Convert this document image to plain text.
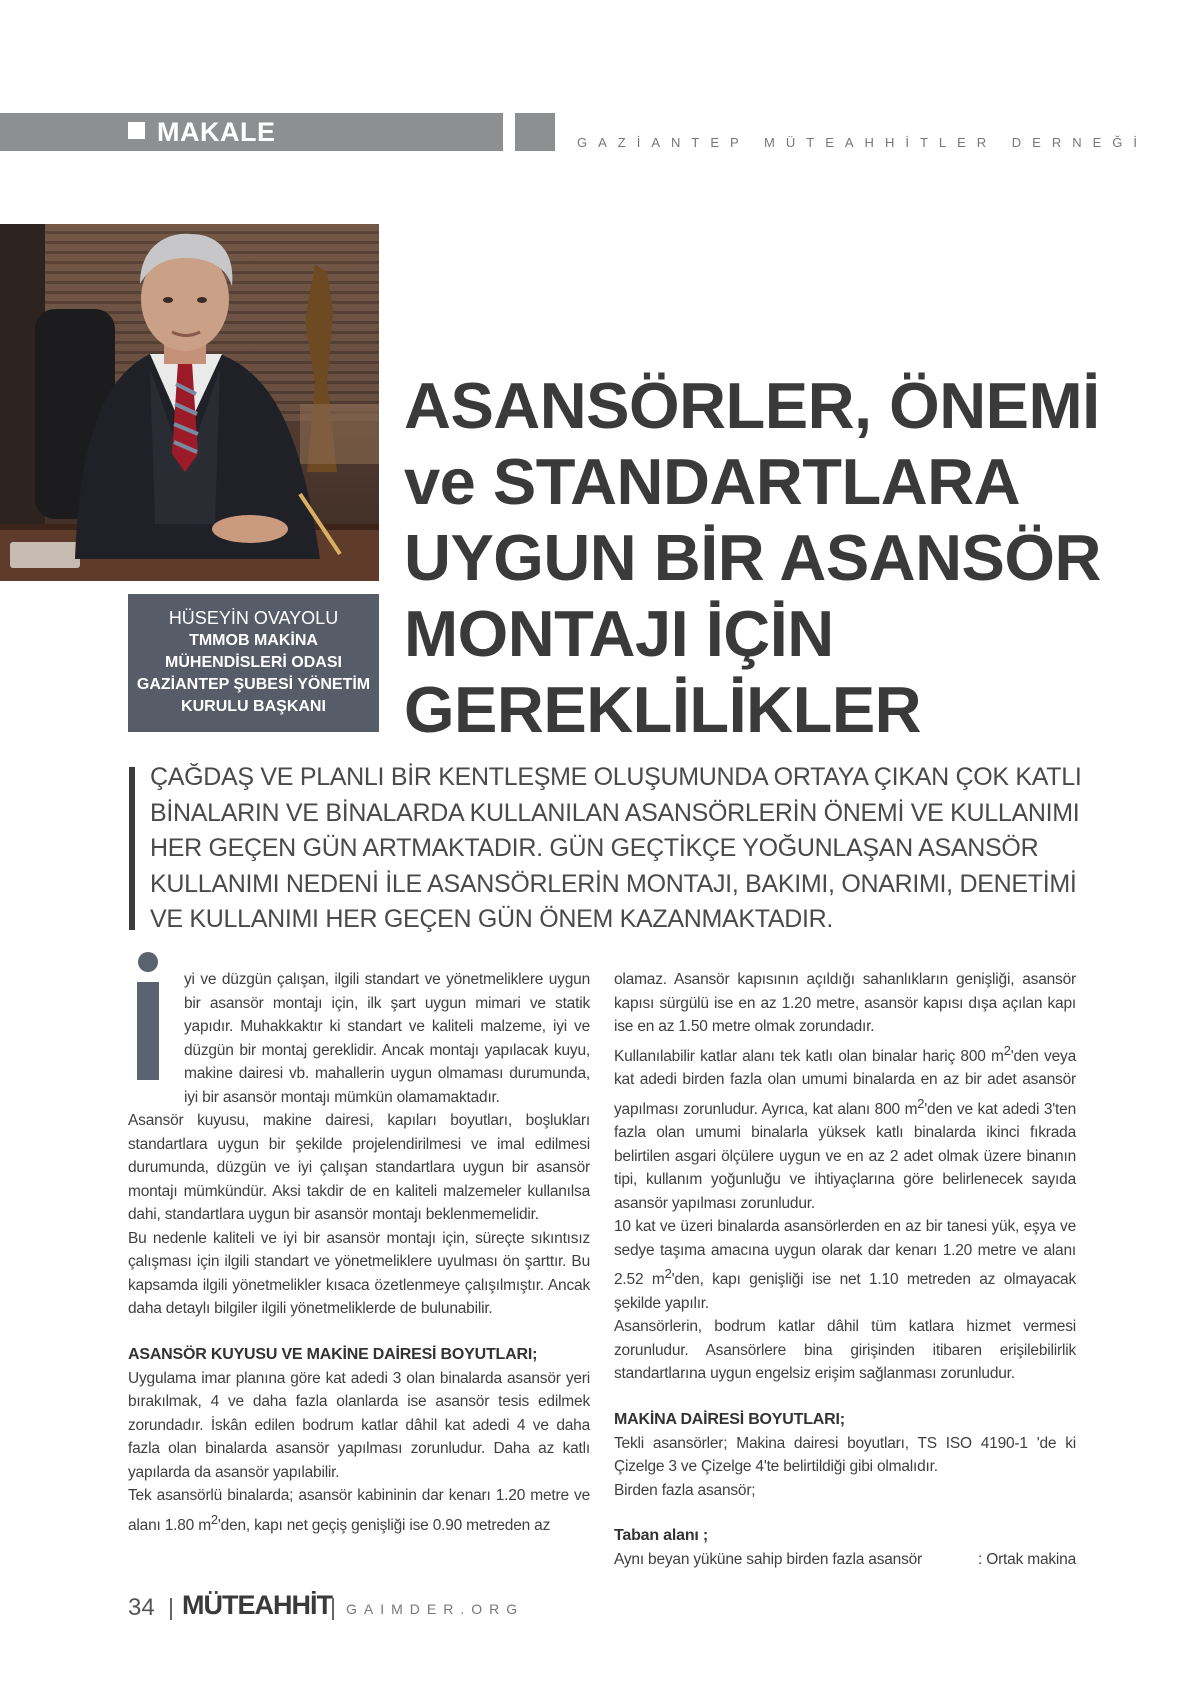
MAKALE	GAZİANTEP MÜTEAHHİTLER DERNEĞİ
HÜSEYİN OVAYOLU
TMMOB MAKİNA
MÜHENDİSLERİ ODASI
GAZİANTEP ŞUBESİ YÖNETİM
KURULU BAŞKANI
ASANSÖRLER, ÖNEMİ
ve STANDARTLARA
UYGUN BİR ASANSÖR
MONTAJI İÇİN
GEREKLİLİKLER

ÇAĞDAŞ VE PLANLI BİR KENTLEŞME OLUŞUMUNDA ORTAYA ÇIKAN ÇOK KATLI BİNALARIN VE BİNALARDA KULLANILAN ASANSÖRLERİN ÖNEMİ VE KULLANIMI HER GEÇEN GÜN ARTMAKTADIR. GÜN GEÇTİKÇE YOĞUNLAŞAN ASANSÖR KULLANIMI NEDENİ İLE ASANSÖRLERİN MONTAJI, BAKIMI, ONARIMI, DENETİMİ VE KULLANIMI HER GEÇEN GÜN ÖNEM KAZANMAKTADIR.

yi ve düzgün çalışan, ilgili standart ve yönetmeliklere uygun bir asansör montajı için, ilk şart uygun mimari ve statik yapıdır. Muhakkaktır ki standart ve kaliteli malzeme, iyi ve düzgün bir montaj gereklidir. Ancak montajı yapılacak kuyu, makine dairesi vb. mahallerin uygun olmaması durumunda, iyi bir asansör montajı mümkün olamamaktadır.

Asansör kuyusu, makine dairesi, kapıları boyutları, boşlukları standartlara uygun bir şekilde projelendirilmesi ve imal edilmesi durumunda, düzgün ve iyi çalışan standartlara uygun bir asansör montajı mümkündür. Aksi takdir de en kaliteli malzemeler kullanılsa dahi, standartlara uygun bir asansör montajı beklenmemelidir.

Bu nedenle kaliteli ve iyi bir asansör montajı için, süreçte sıkıntısız çalışması için ilgili standart ve yönetmeliklere uyulması ön şarttır. Bu kapsamda ilgili yönetmelikler kısaca özetlenmeye çalışılmıştır. Ancak daha detaylı bilgiler ilgili yönetmeliklerde de bulunabilir.

ASANSÖR KUYUSU VE MAKİNE DAİRESİ BOYUTLARI;

Uygulama imar planına göre kat adedi 3 olan binalarda asansör yeri bırakılmak, 4 ve daha fazla olanlarda ise asansör tesis edilmek zorundadır. İskân edilen bodrum katlar dâhil kat adedi 4 ve daha fazla olan binalarda asansör yapılması zorunludur. Daha az katlı yapılarda da asansör yapılabilir.

Tek asansörlü binalarda; asansör kabininin dar kenarı 1.20 metre ve alanı 1.80 $m^2'den$, kapı net geçiş genişliği ise 0.90 metreden az

olamaz. Asansör kapısının açıldığı sahanlıkların genişliği, asansör kapısı sürgülü ise en az 1.20 metre, asansör kapısı dışa açılan kapı ise en az 1.50 metre olmak zorundadır.

Kullanılabilir katlar alanı tek katlı olan binalar hariç 800 $m^2'den$ veya kat adedi birden fazla olan umumi binalarda en az bir adet asansör yapılması zorunludur. Ayrıca, kat alanı 800 $m^2'den$ ve kat adedi 3'ten fazla olan umumi binalarla yüksek katlı binalarda ikinci fıkrada belirtilen asgari ölçülere uygun ve en az 2 adet olmak üzere binanın tipi, kullanım yoğunluğu ve ihtiyaçlarına göre belirlenecek sayıda asansör yapılması zorunludur.

10 kat ve üzeri binalarda asansörlerden en az bir tanesi yük, eşya ve sedye taşıma amacına uygun olarak dar kenarı 1.20 metre ve alanı 2.52 $m^2'den$, kapı genişliği ise net 1.10 metreden az olmayacak şekilde yapılır.

Asansörlerin, bodrum katlar dâhil tüm katlara hizmet vermesi zorunludur. Asansörlere bina girişinden itibaren erişilebilirlik standartlarına uygun engelsiz erişim sağlanması zorunludur.

MAKİNA DAİRESİ BOYUTLARI;

Tekli asansörler; Makina dairesi boyutları, TS ISO 4190-1 'de ki Çizelge 3 ve Çizelge 4'te belirtildiği gibi olmalıdır.

Birden fazla asansör;

Taban alanı ;
Aynı beyan yüküne sahip birden fazla asansör	: Ortak makina
34 MÜTEAHHİT GAIMDER.ORG
